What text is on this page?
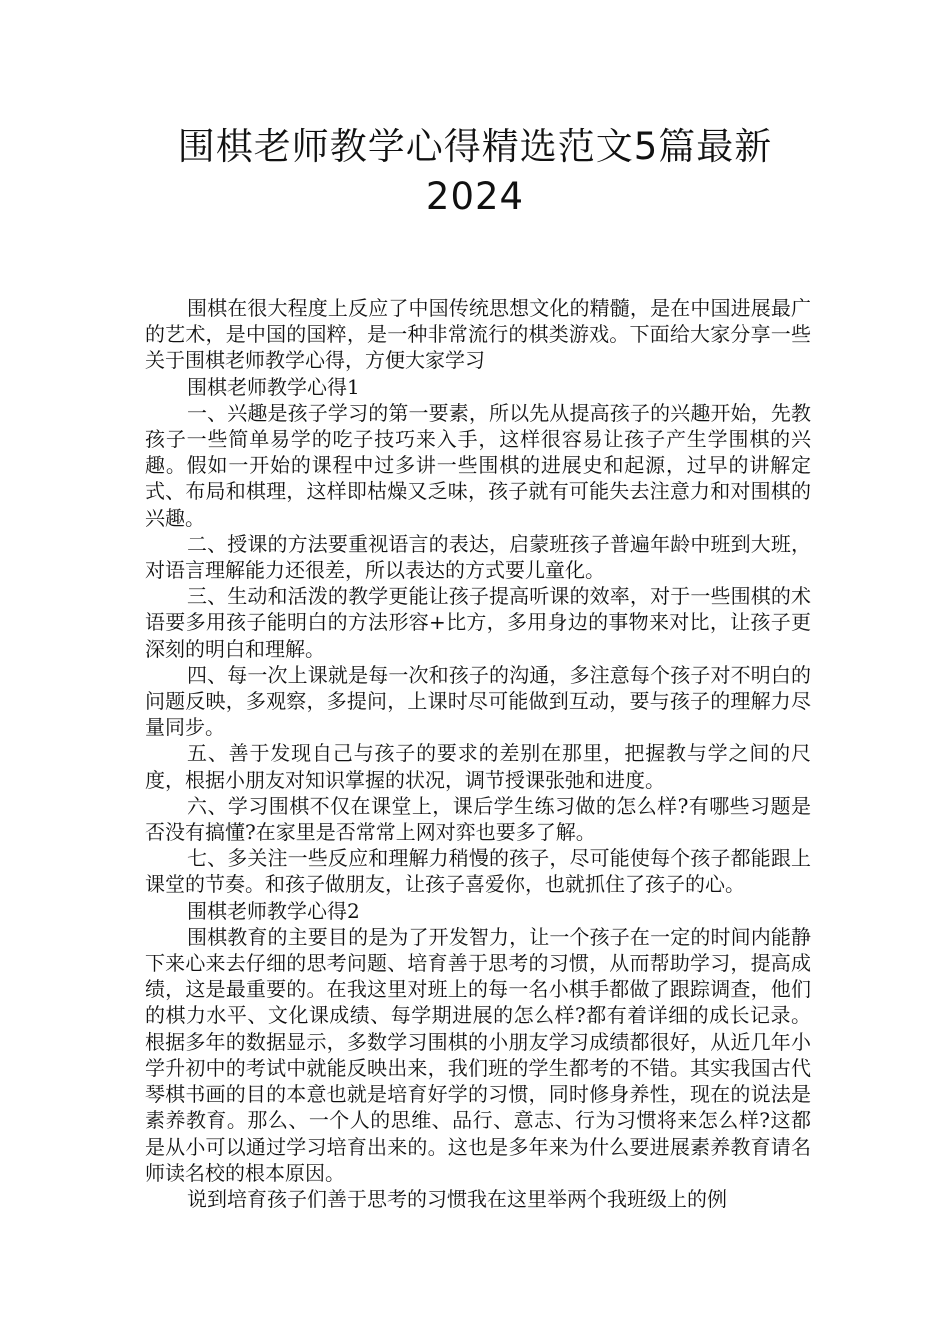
围棋老师教学心得精选范文5篇最新
2024

围棋在很大程度上反应了中国传统思想文化的精髓，是在中国进展最广的艺术，是中国的国粹，是一种非常流行的棋类游戏。下面给大家分享一些关于围棋老师教学心得，方便大家学习

围棋老师教学心得1

一、兴趣是孩子学习的第一要素，所以先从提高孩子的兴趣开始，先教孩子一些简单易学的吃子技巧来入手，这样很容易让孩子产生学围棋的兴趣。假如一开始的课程中过多讲一些围棋的进展史和起源，过早的讲解定式、布局和棋理，这样即枯燥又乏味，孩子就有可能失去注意力和对围棋的兴趣。

二、授课的方法要重视语言的表达，启蒙班孩子普遍年龄中班到大班，对语言理解能力还很差，所以表达的方式要儿童化。

三、生动和活泼的教学更能让孩子提高听课的效率，对于一些围棋的术语要多用孩子能明白的方法形容+比方，多用身边的事物来对比，让孩子更深刻的明白和理解。

四、每一次上课就是每一次和孩子的沟通，多注意每个孩子对不明白的问题反映，多观察，多提问，上课时尽可能做到互动，要与孩子的理解力尽量同步。

五、善于发现自己与孩子的要求的差别在那里，把握教与学之间的尺度，根据小朋友对知识掌握的状况，调节授课张弛和进度。

六、学习围棋不仅在课堂上，课后学生练习做的怎么样?有哪些习题是否没有搞懂?在家里是否常常上网对弈也要多了解。

七、多关注一些反应和理解力稍慢的孩子，尽可能使每个孩子都能跟上课堂的节奏。和孩子做朋友，让孩子喜爱你，也就抓住了孩子的心。

围棋老师教学心得2

围棋教育的主要目的是为了开发智力，让一个孩子在一定的时间内能静下来心来去仔细的思考问题、培育善于思考的习惯，从而帮助学习，提高成绩，这是最重要的。在我这里对班上的每一名小棋手都做了跟踪调查，他们的棋力水平、文化课成绩、每学期进展的怎么样?都有着详细的成长记录。根据多年的数据显示，多数学习围棋的小朋友学习成绩都很好，从近几年小学升初中的考试中就能反映出来，我们班的学生都考的不错。其实我国古代琴棋书画的目的本意也就是培育好学的习惯，同时修身养性，现在的说法是素养教育。那么、一个人的思维、品行、意志、行为习惯将来怎么样?这都是从小可以通过学习培育出来的。这也是多年来为什么要进展素养教育请名师读名校的根本原因。

说到培育孩子们善于思考的习惯我在这里举两个我班级上的例
